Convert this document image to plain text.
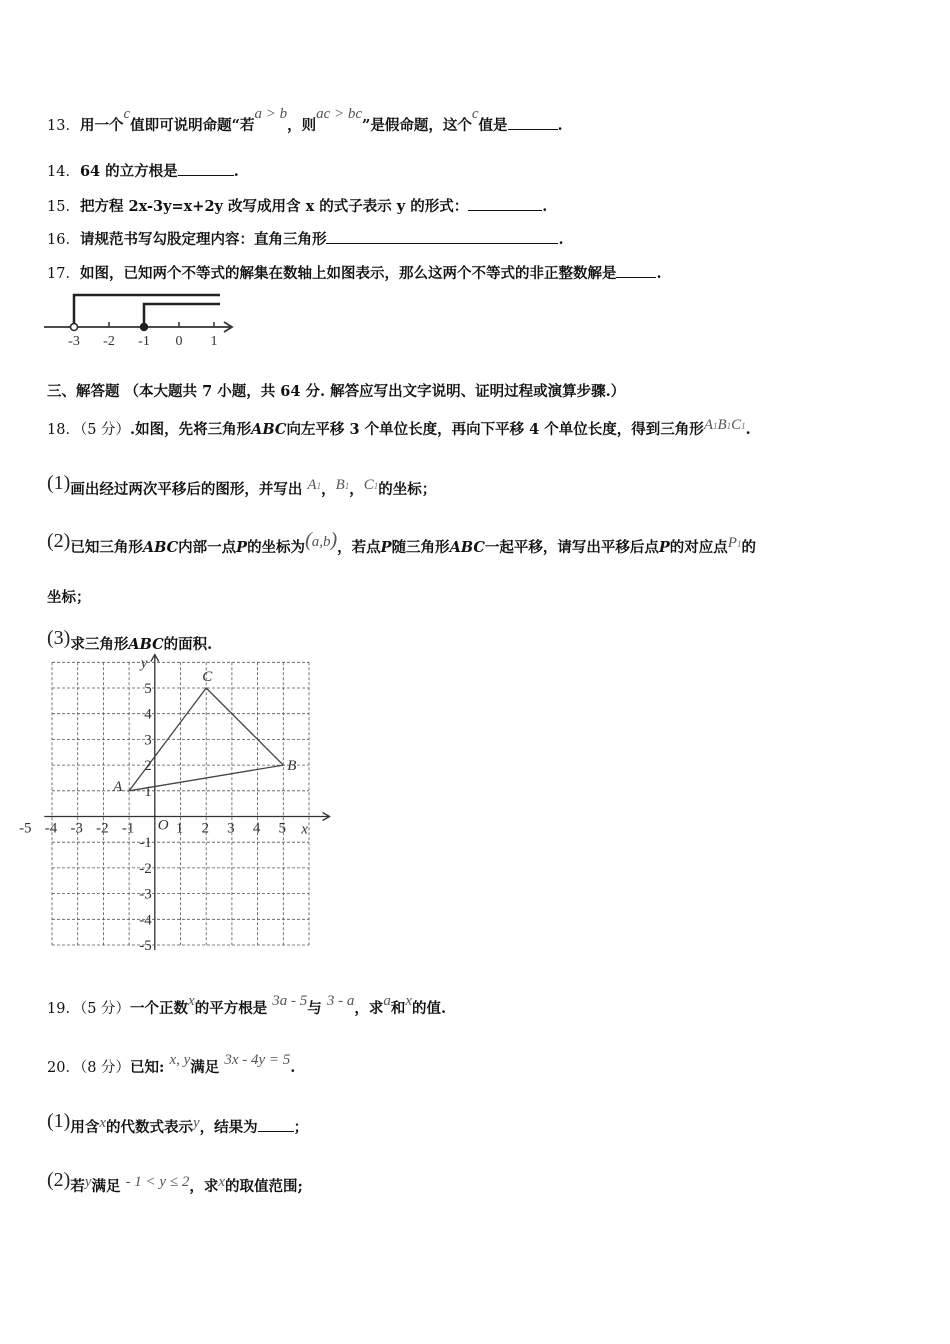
13．用一个c值即可说明命题“若a > b，则ac > bc”是假命题，这个c值是	.
14．64 的立方根是	.
15．把方程 2x-3y=x+2y 改写成用含 x 的式子表示 y 的形式：	.
16．请规范书写勾股定理内容：直角三角形	.
17．如图，已知两个不等式的解集在数轴上如图表示，那么这两个不等式的非正整数解是	.
-3 -2 -1 0 1
三、解答题 （本大题共 7 小题，共 64 分. 解答应写出文字说明、证明过程或演算步骤.）
18．（5 分）.如图，先将三角形ABC向左平移 3 个单位长度，再向下平移 4 个单位长度，得到三角形A1B1C1.
(1)画出经过两次平移后的图形，并写出 A1，B1，C1的坐标；
(2)已知三角形ABC内部一点P的坐标为(a,b)，若点P随三角形ABC一起平移，请写出平移后点P的对应点P1的
坐标；
(3)求三角形ABC的面积.
-5 -4 -3 -2 -1	1 2 3 4 5
5
4
3
2
1
-1
-2
-3
-4
-5
A
B
C
x
y
O
19．（5 分）一个正数x的平方根是 3a - 5与 3 - a，求a和x的值.
20．（8 分）已知: x, y满足 3x - 4y = 5.
(1)用含x的代数式表示y，结果为 ；
(2)若y满足 - 1 < y ≤ 2，求x的取值范围;
